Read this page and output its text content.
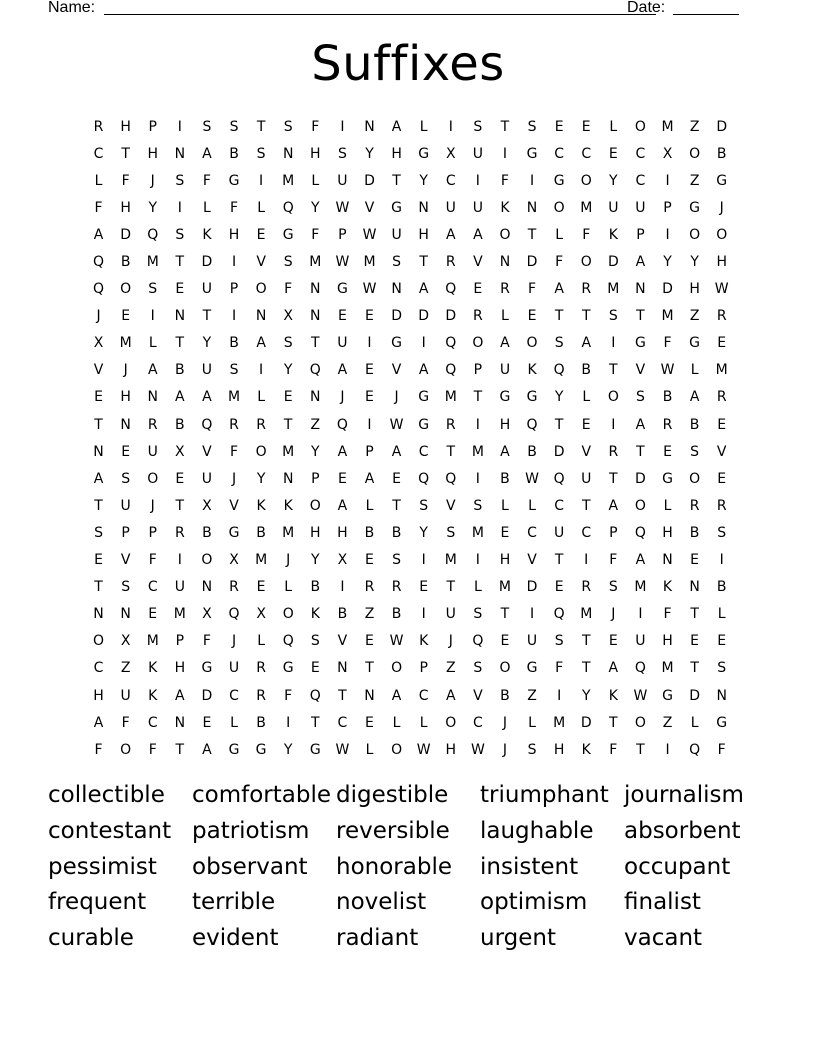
Name:	Date:
Suffixes
R	H	P	I	S	S	T	S	F	I	N	A	L	I	S	T	S	E	E	L	O	M	Z	D
C	T	H	N	A	B	S	N	H	S	Y	H	G	X	U	I	G	C	C	E	C	X	O	B
L	F	J	S	F	G	I	M	L	U	D	T	Y	C	I	F	I	G	O	Y	C	I	Z	G
F	H	Y	I	L	F	L	Q	Y	W	V	G	N	U	U	K	N	O	M	U	U	P	G	J
A	D	Q	S	K	H	E	G	F	P	W	U	H	A	A	O	T	L	F	K	P	I	O	O
Q	B	M	T	D	I	V	S	M	W	M	S	T	R	V	N	D	F	O	D	A	Y	Y	H
Q	O	S	E	U	P	O	F	N	G	W	N	A	Q	E	R	F	A	R	M	N	D	H	W
J	E	I	N	T	I	N	X	N	E	E	D	D	D	R	L	E	T	T	S	T	M	Z	R
X	M	L	T	Y	B	A	S	T	U	I	G	I	Q	O	A	O	S	A	I	G	F	G	E
V	J	A	B	U	S	I	Y	Q	A	E	V	A	Q	P	U	K	Q	B	T	V	W	L	M
E	H	N	A	A	M	L	E	N	J	E	J	G	M	T	G	G	Y	L	O	S	B	A	R
T	N	R	B	Q	R	R	T	Z	Q	I	W	G	R	I	H	Q	T	E	I	A	R	B	E
N	E	U	X	V	F	O	M	Y	A	P	A	C	T	M	A	B	D	V	R	T	E	S	V
A	S	O	E	U	J	Y	N	P	E	A	E	Q	Q	I	B	W	Q	U	T	D	G	O	E
T	U	J	T	X	V	K	K	O	A	L	T	S	V	S	L	L	C	T	A	O	L	R	R
S	P	P	R	B	G	B	M	H	H	B	B	Y	S	M	E	C	U	C	P	Q	H	B	S
E	V	F	I	O	X	M	J	Y	X	E	S	I	M	I	H	V	T	I	F	A	N	E	I
T	S	C	U	N	R	E	L	B	I	R	R	E	T	L	M	D	E	R	S	M	K	N	B
N	N	E	M	X	Q	X	O	K	B	Z	B	I	U	S	T	I	Q	M	J	I	F	T	L
O	X	M	P	F	J	L	Q	S	V	E	W	K	J	Q	E	U	S	T	E	U	H	E	E
C	Z	K	H	G	U	R	G	E	N	T	O	P	Z	S	O	G	F	T	A	Q	M	T	S
H	U	K	A	D	C	R	F	Q	T	N	A	C	A	V	B	Z	I	Y	K	W	G	D	N
A	F	C	N	E	L	B	I	T	C	E	L	L	O	C	J	L	M	D	T	O	Z	L	G
F	O	F	T	A	G	G	Y	G	W	L	O	W	H	W	J	S	H	K	F	T	I	Q	F
collectible	comfortable digestible	triumphant journalism
contestant patriotism	reversible	laughable	absorbent
pessimist	observant	honorable	insistent	occupant
frequent	terrible	novelist	optimism	finalist
curable	evident	radiant	urgent	vacant
